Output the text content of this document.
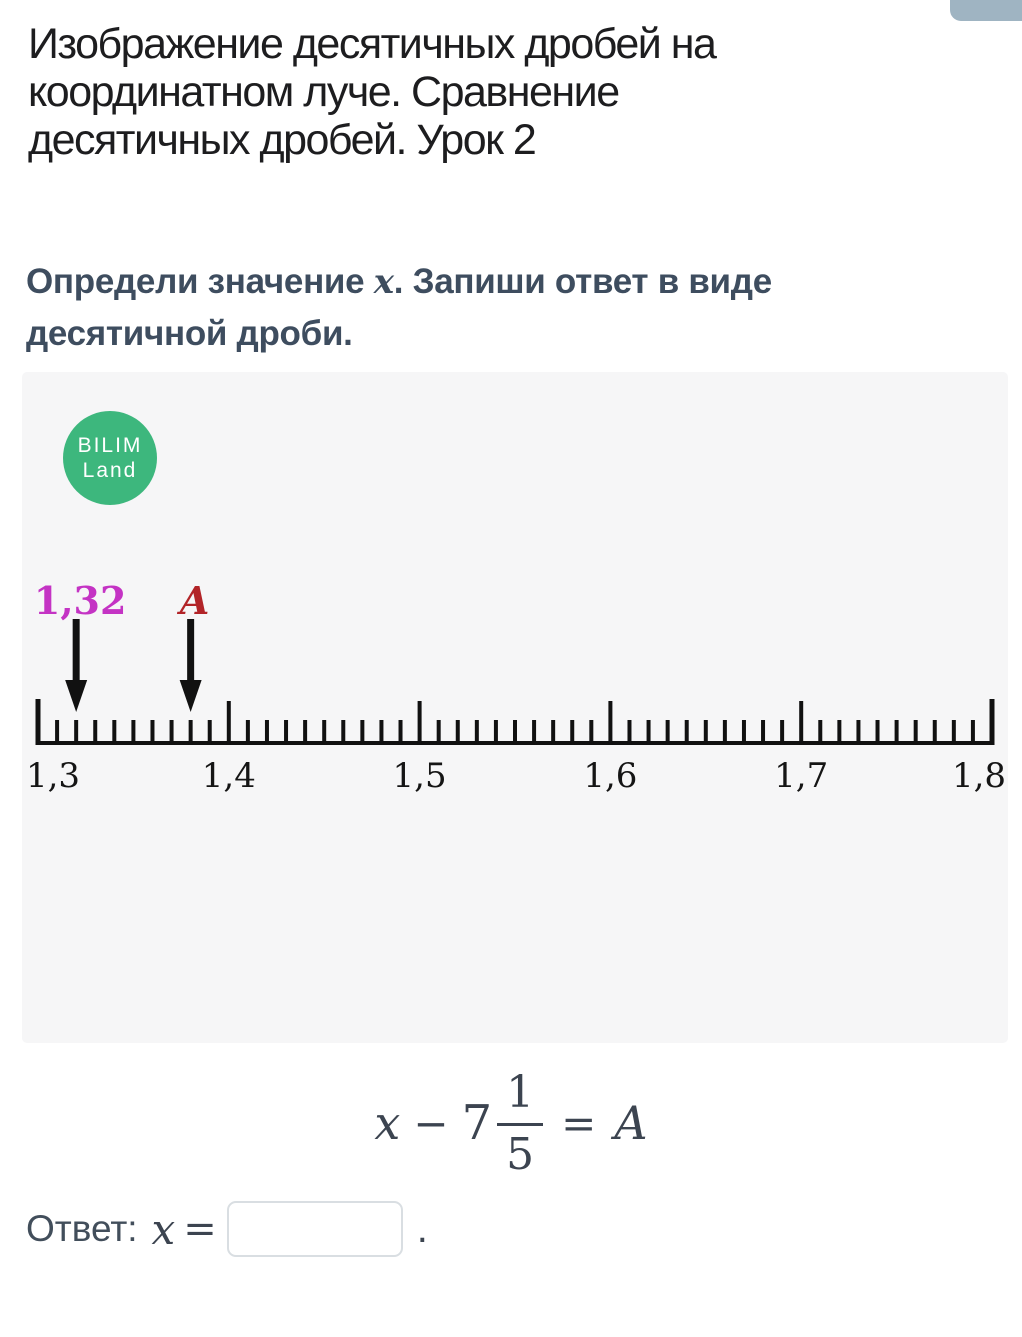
Изображение десятичных дробей на
координатном луче. Сравнение
десятичных дробей. Урок 2
Определи значение x. Запиши ответ в виде
десятичной дроби.
BILIM
Land
1,3	1,4	1,5	1,6	1,7	1,8
1,32 A
$x - 7 \frac{1}{5} = A$
Ответ: x =	.
